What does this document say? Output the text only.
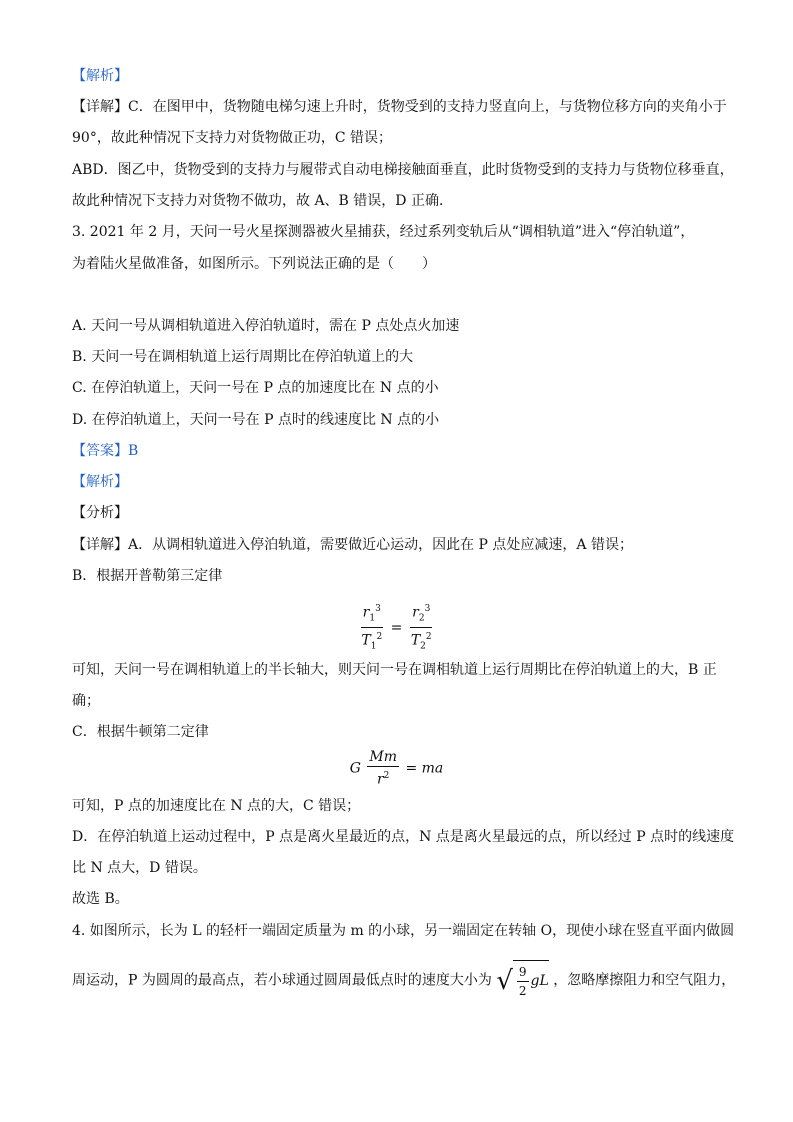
【解析】
【详解】C．在图甲中，货物随电梯匀速上升时，货物受到的支持力竖直向上，与货物位移方向的夹角小于
90°，故此种情况下支持力对货物做正功，C 错误；
ABD．图乙中，货物受到的支持力与履带式自动电梯接触面垂直，此时货物受到的支持力与货物位移垂直，
故此种情况下支持力对货物不做功，故 A、B 错误，D 正确．
3. 2021 年 2 月，天问一号火星探测器被火星捕获，经过系列变轨后从“调相轨道”进入“停泊轨道”，
为着陆火星做准备，如图所示。下列说法正确的是（　　）
A. 天问一号从调相轨道进入停泊轨道时，需在 P 点处点火加速
B. 天问一号在调相轨道上运行周期比在停泊轨道上的大
C. 在停泊轨道上，天问一号在 P 点的加速度比在 N 点的小
D. 在停泊轨道上，天问一号在 P 点时的线速度比 N 点的小
【答案】B
【解析】
【分析】
【详解】A．从调相轨道进入停泊轨道，需要做近心运动，因此在 P 点处应减速，A 错误；
B．根据开普勒第三定律
$\frac{r_1^3}{T_1^2} = \frac{r_2^3}{T_2^2}$
可知，天问一号在调相轨道上的半长轴大，则天问一号在调相轨道上运行周期比在停泊轨道上的大，B 正
确；
C．根据牛顿第二定律
G $\frac{Mm}{r^2}$ = ma
可知，P 点的加速度比在 N 点的大，C 错误；
D．在停泊轨道上运动过程中，P 点是离火星最近的点，N 点是离火星最远的点，所以经过 P 点时的线速度
比 N 点大，D 错误。
故选 B。
4. 如图所示，长为 L 的轻杆一端固定质量为 m 的小球，另一端固定在转轴 O，现使小球在竖直平面内做圆
周运动，P 为圆周的最高点，若小球通过圆周最低点时的速度大小为 √ $\frac{9}{2}$ gL ，忽略摩擦阻力和空气阻力，
